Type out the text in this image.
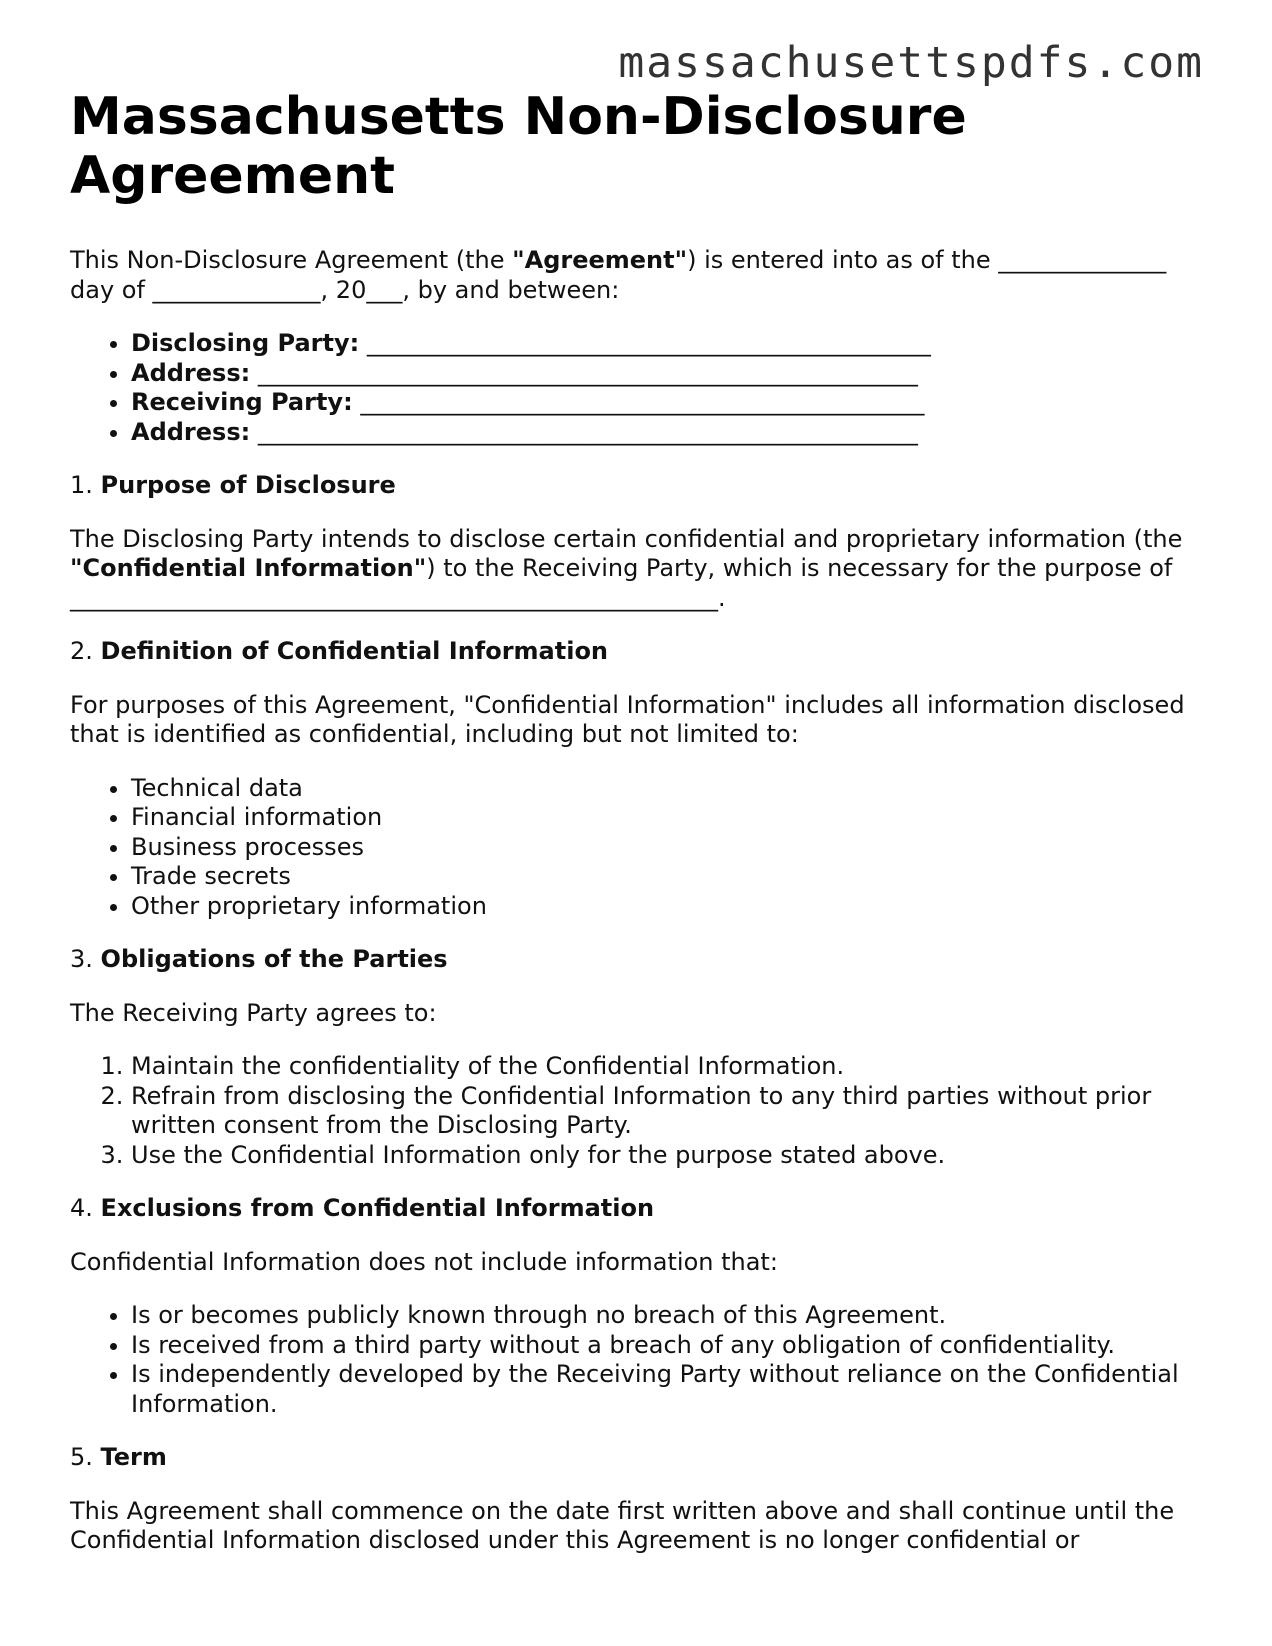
massachusettspdfs.com
Massachusetts Non-Disclosure Agreement

This Non-Disclosure Agreement (the "Agreement") is entered into as of the ______________ day of ______________, 20___, by and between:

• Disclosing Party: _______________________________________________
• Address: _______________________________________________________
• Receiving Party: _______________________________________________
• Address: _______________________________________________________

1. Purpose of Disclosure

The Disclosing Party intends to disclose certain confidential and proprietary information (the "Confidential Information") to the Receiving Party, which is necessary for the purpose of ______________________________________________________.

2. Definition of Confidential Information

For purposes of this Agreement, "Confidential Information" includes all information disclosed that is identified as confidential, including but not limited to:

• Technical data
• Financial information
• Business processes
• Trade secrets
• Other proprietary information

3. Obligations of the Parties

The Receiving Party agrees to:

1. Maintain the confidentiality of the Confidential Information.
2. Refrain from disclosing the Confidential Information to any third parties without prior written consent from the Disclosing Party.
3. Use the Confidential Information only for the purpose stated above.

4. Exclusions from Confidential Information

Confidential Information does not include information that:

• Is or becomes publicly known through no breach of this Agreement.
• Is received from a third party without a breach of any obligation of confidentiality.
• Is independently developed by the Receiving Party without reliance on the Confidential Information.

5. Term

This Agreement shall commence on the date first written above and shall continue until the Confidential Information disclosed under this Agreement is no longer confidential or
